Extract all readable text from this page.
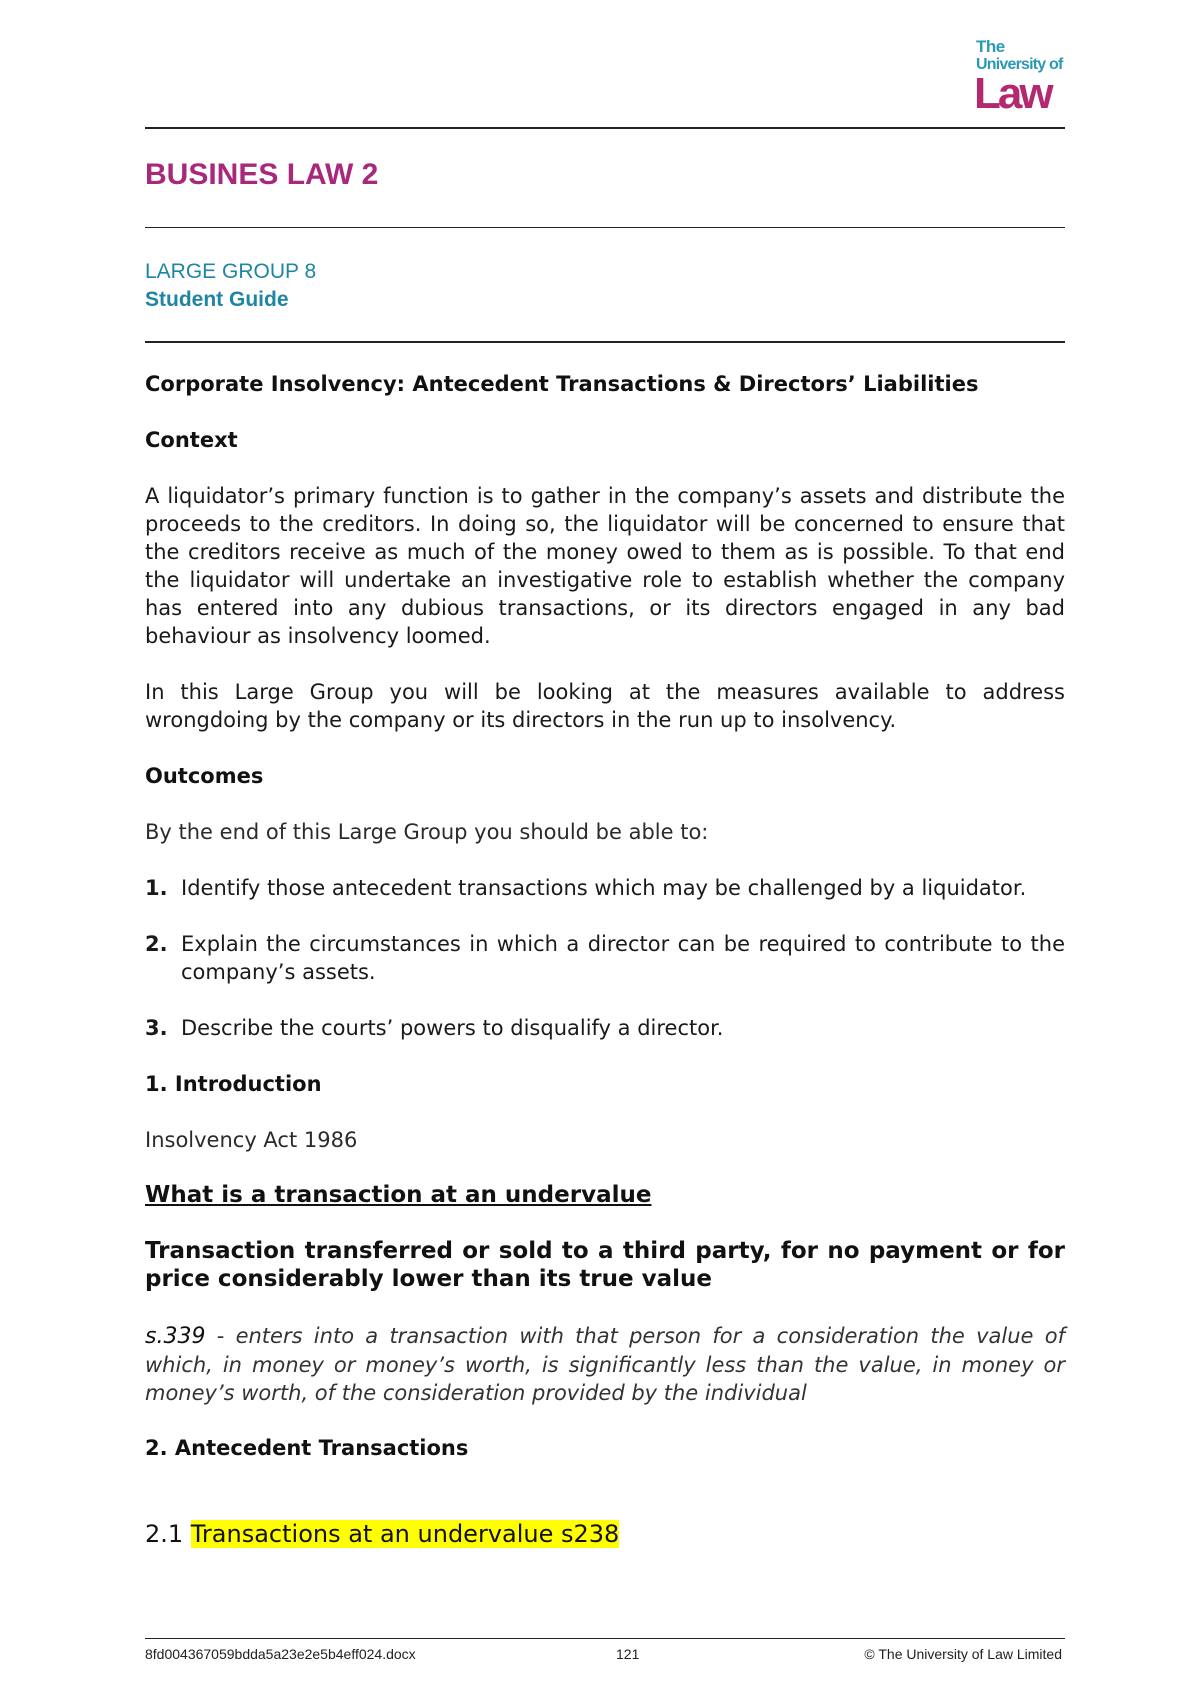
The
University of
Law
BUSINES LAW 2
LARGE GROUP 8
Student Guide
Corporate Insolvency: Antecedent Transactions & Directors’ Liabilities
Context

A liquidator’s primary function is to gather in the company’s assets and distribute the proceeds to the creditors. In doing so, the liquidator will be concerned to ensure that the creditors receive as much of the money owed to them as is possible. To that end the liquidator will undertake an investigative role to establish whether the company has entered into any dubious transactions, or its directors engaged in any bad behaviour as insolvency loomed.

In this Large Group you will be looking at the measures available to address wrongdoing by the company or its directors in the run up to insolvency.

Outcomes

By the end of this Large Group you should be able to:

1. Identify those antecedent transactions which may be challenged by a liquidator.
2. Explain the circumstances in which a director can be required to contribute to the company’s assets.
3. Describe the courts’ powers to disqualify a director.
1. Introduction

Insolvency Act 1986

What is a transaction at an undervalue

Transaction transferred or sold to a third party, for no payment or for price considerably lower than its true value

s.339 - enters into a transaction with that person for a consideration the value of which, in money or money’s worth, is significantly less than the value, in money or money’s worth, of the consideration provided by the individual

2. Antecedent Transactions
2.1 Transactions at an undervalue s238
8fd004367059bdda5a23e2e5b4eff024.docx	121	© The University of Law Limited
